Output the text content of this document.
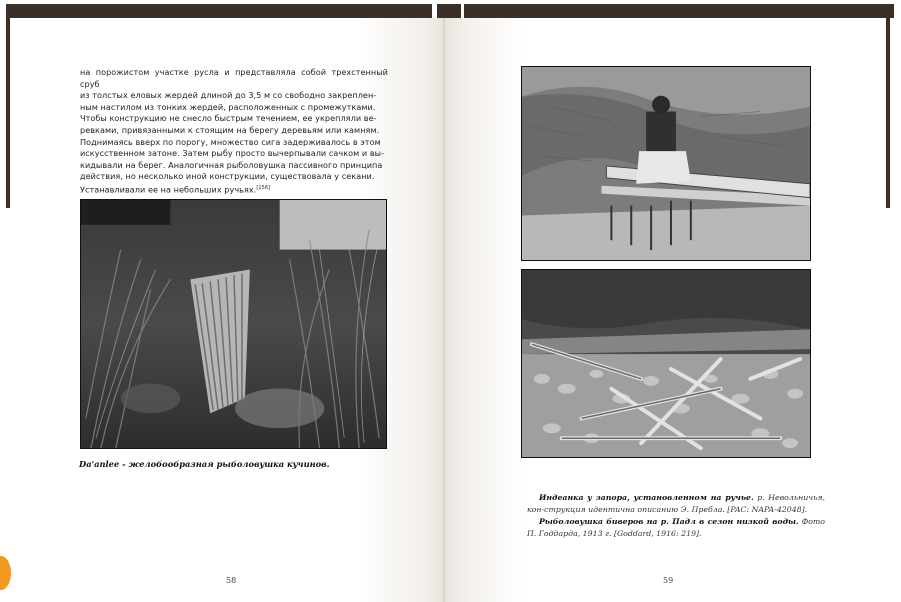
на порожистом участке русла и представляла собой трехстенный сруб
из толстых еловых жердей длиной до 3,5 м со свободно закреплен-
ным настилом из тонких жердей, расположенных с промежутками.
Чтобы конструкцию не снесло быстрым течением, ее укрепляли ве-
ревками, привязанными к стоящим на берегу деревьям или камням.
Поднимаясь вверх по порогу, множество сига задерживалось в этом
искусственном затоне. Затем рыбу просто вычерпывали сачком и вы-
кидывали на берег. Аналогичная рыболовушка пассивного принципа
действия, но несколько иной конструкции, существовала у секани.
Устанавливали ее на небольших ручьях.[156]
Da'anlee - желобообразная рыболовушка кучинов.
58
Индеанка у запора, установленном на ручье. р. Невольничья, кон-струкция идентична описанию Э. Пребла. [PAC: NAPA-42048].
Рыболовушка биверов на р. Падл в сезон низкой воды. Фото П. Годдарда, 1913 г. [Goddard, 1916: 219].
59
